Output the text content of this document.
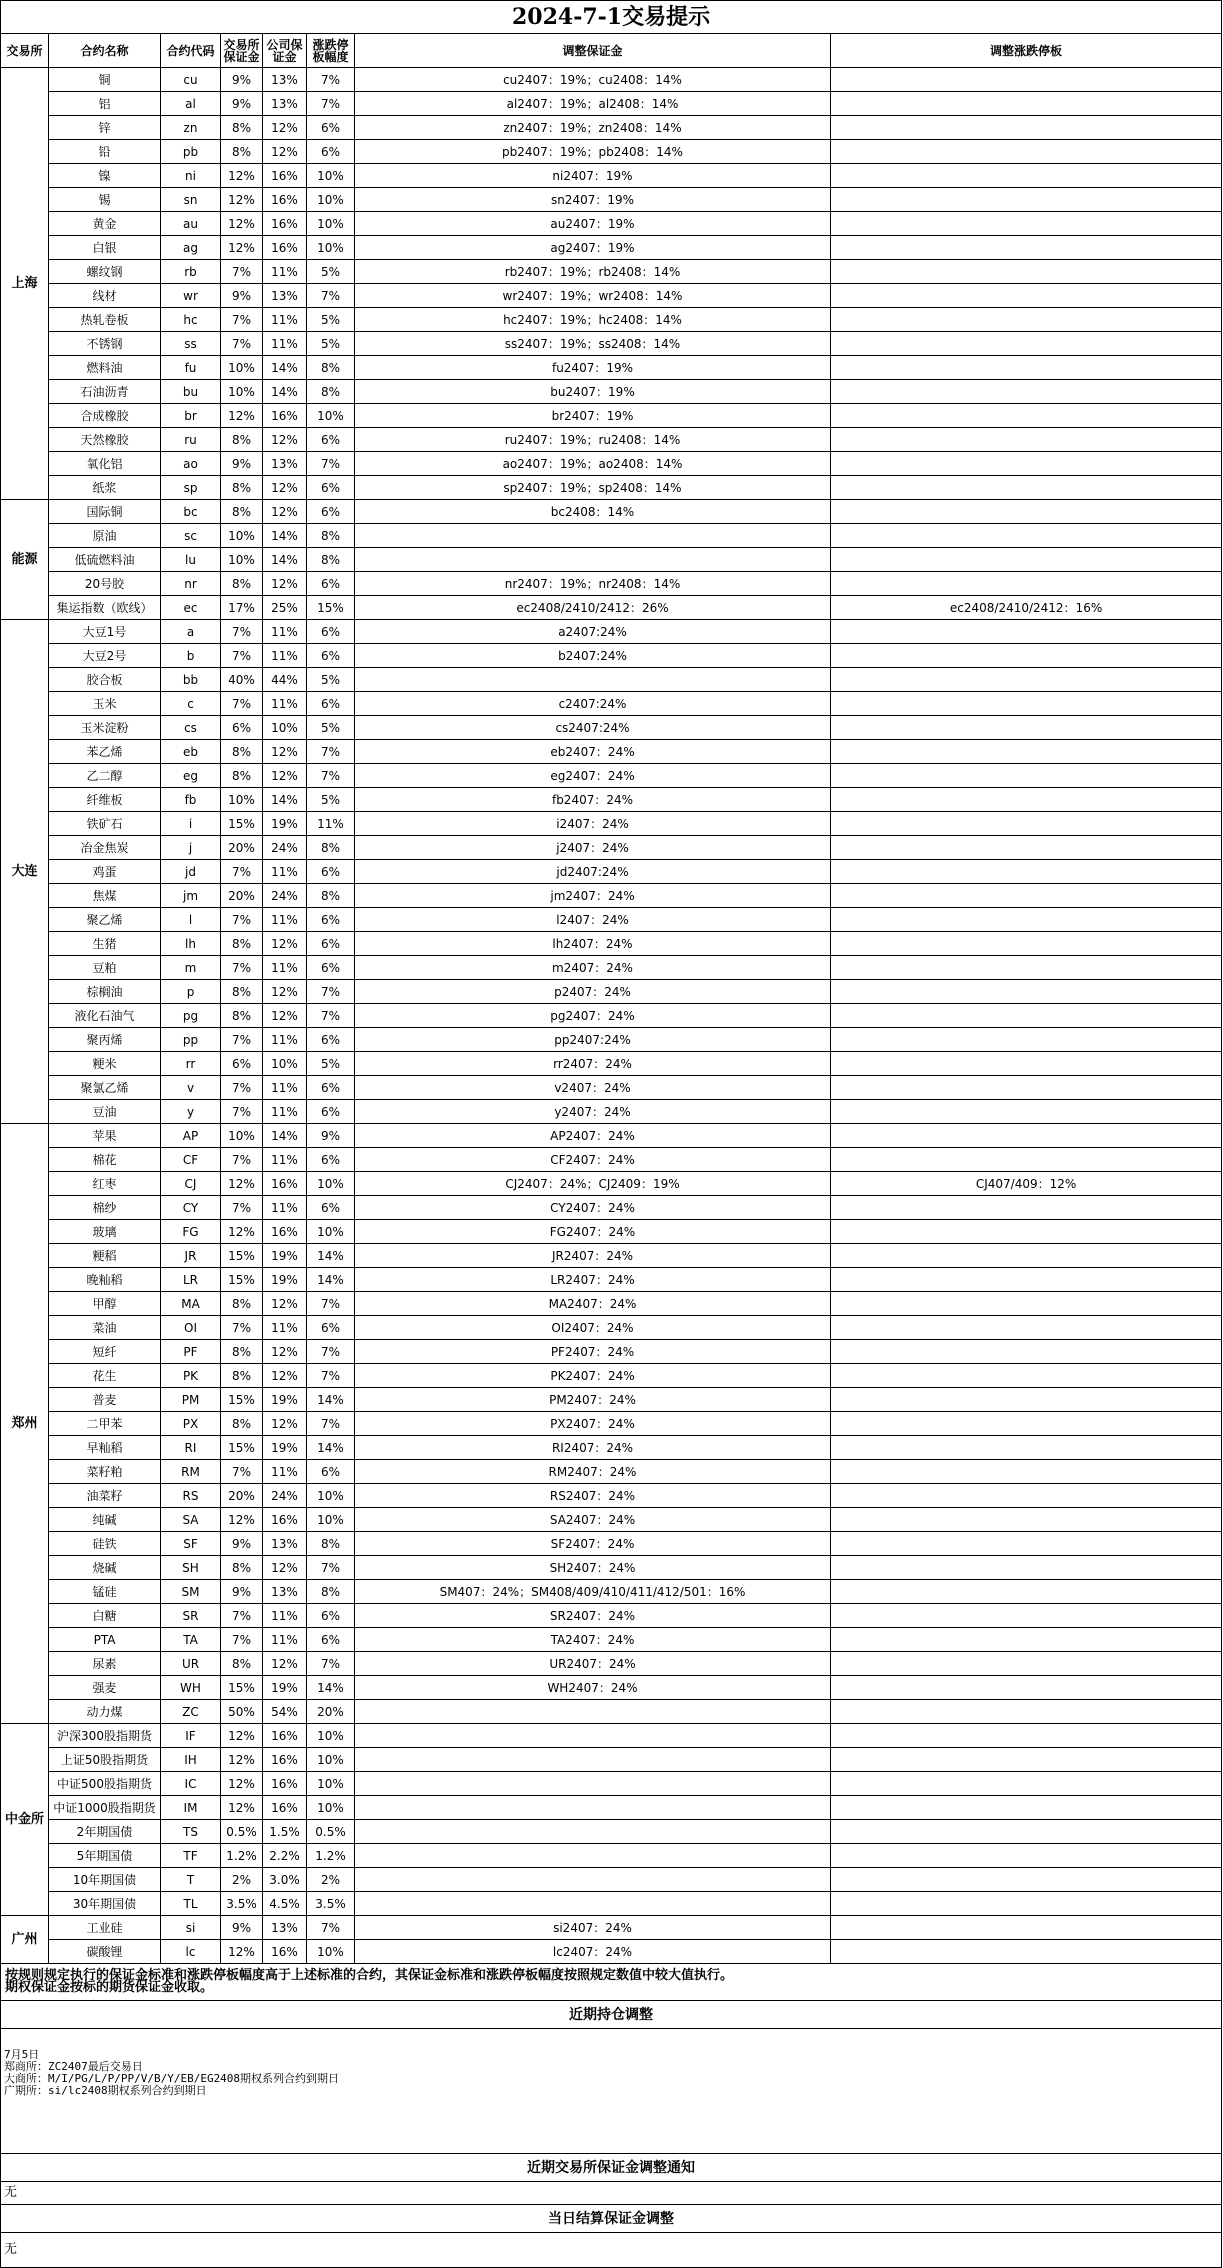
2024-7-1交易提示							
交易所	合约名称	合约代码	交易所保证金	公司保证金	涨跌停板幅度	调整保证金	调整涨跌停板
上海	铜	cu	9%	13%	7%	cu2407：19%；cu2408：14%	
	铝	al	9%	13%	7%	al2407：19%；al2408：14%	
	锌	zn	8%	12%	6%	zn2407：19%；zn2408：14%	
	铅	pb	8%	12%	6%	pb2407：19%；pb2408：14%	
	镍	ni	12%	16%	10%	ni2407：19%	
	锡	sn	12%	16%	10%	sn2407：19%	
	黄金	au	12%	16%	10%	au2407：19%	
	白银	ag	12%	16%	10%	ag2407：19%	
	螺纹钢	rb	7%	11%	5%	rb2407：19%；rb2408：14%	
	线材	wr	9%	13%	7%	wr2407：19%；wr2408：14%	
	热轧卷板	hc	7%	11%	5%	hc2407：19%；hc2408：14%	
	不锈钢	ss	7%	11%	5%	ss2407：19%；ss2408：14%	
	燃料油	fu	10%	14%	8%	fu2407：19%	
	石油沥青	bu	10%	14%	8%	bu2407：19%	
	合成橡胶	br	12%	16%	10%	br2407：19%	
	天然橡胶	ru	8%	12%	6%	ru2407：19%；ru2408：14%	
	氧化铝	ao	9%	13%	7%	ao2407：19%；ao2408：14%	
	纸浆	sp	8%	12%	6%	sp2407：19%；sp2408：14%	
能源	国际铜	bc	8%	12%	6%	bc2408：14%	
	原油	sc	10%	14%	8%		
	低硫燃料油	lu	10%	14%	8%		
	20号胶	nr	8%	12%	6%	nr2407：19%；nr2408：14%	
	集运指数（欧线）	ec	17%	25%	15%	ec2408/2410/2412：26%	ec2408/2410/2412：16%
大连	大豆1号	a	7%	11%	6%	a2407:24%	
	大豆2号	b	7%	11%	6%	b2407:24%	
	胶合板	bb	40%	44%	5%		
	玉米	c	7%	11%	6%	c2407:24%	
	玉米淀粉	cs	6%	10%	5%	cs2407:24%	
	苯乙烯	eb	8%	12%	7%	eb2407：24%	
	乙二醇	eg	8%	12%	7%	eg2407：24%	
	纤维板	fb	10%	14%	5%	fb2407：24%	
	铁矿石	i	15%	19%	11%	i2407：24%	
	冶金焦炭	j	20%	24%	8%	j2407：24%	
	鸡蛋	jd	7%	11%	6%	jd2407:24%	
	焦煤	jm	20%	24%	8%	jm2407：24%	
	聚乙烯	l	7%	11%	6%	l2407：24%	
	生猪	lh	8%	12%	6%	lh2407：24%	
	豆粕	m	7%	11%	6%	m2407：24%	
	棕榈油	p	8%	12%	7%	p2407：24%	
	液化石油气	pg	8%	12%	7%	pg2407：24%	
	聚丙烯	pp	7%	11%	6%	pp2407:24%	
	粳米	rr	6%	10%	5%	rr2407：24%	
	聚氯乙烯	v	7%	11%	6%	v2407：24%	
	豆油	y	7%	11%	6%	y2407：24%	
郑州	苹果	AP	10%	14%	9%	AP2407：24%	
	棉花	CF	7%	11%	6%	CF2407：24%	
	红枣	CJ	12%	16%	10%	CJ2407：24%；CJ2409：19%	CJ407/409：12%
	棉纱	CY	7%	11%	6%	CY2407：24%	
	玻璃	FG	12%	16%	10%	FG2407：24%	
	粳稻	JR	15%	19%	14%	JR2407：24%	
	晚籼稻	LR	15%	19%	14%	LR2407：24%	
	甲醇	MA	8%	12%	7%	MA2407：24%	
	菜油	OI	7%	11%	6%	OI2407：24%	
	短纤	PF	8%	12%	7%	PF2407：24%	
	花生	PK	8%	12%	7%	PK2407：24%	
	普麦	PM	15%	19%	14%	PM2407：24%	
	二甲苯	PX	8%	12%	7%	PX2407：24%	
	早籼稻	RI	15%	19%	14%	RI2407：24%	
	菜籽粕	RM	7%	11%	6%	RM2407：24%	
	油菜籽	RS	20%	24%	10%	RS2407：24%	
	纯碱	SA	12%	16%	10%	SA2407：24%	
	硅铁	SF	9%	13%	8%	SF2407：24%	
	烧碱	SH	8%	12%	7%	SH2407：24%	
	锰硅	SM	9%	13%	8%	SM407：24%；SM408/409/410/411/412/501：16%	
	白糖	SR	7%	11%	6%	SR2407：24%	
	PTA	TA	7%	11%	6%	TA2407：24%	
	尿素	UR	8%	12%	7%	UR2407：24%	
	强麦	WH	15%	19%	14%	WH2407：24%	
	动力煤	ZC	50%	54%	20%		
中金所	沪深300股指期货	IF	12%	16%	10%		
	上证50股指期货	IH	12%	16%	10%		
	中证500股指期货	IC	12%	16%	10%		
	中证1000股指期货	IM	12%	16%	10%		
	2年期国债	TS	0.5%	1.5%	0.5%		
	5年期国债	TF	1.2%	2.2%	1.2%		
	10年期国债	T	2%	3.0%	2%		
	30年期国债	TL	3.5%	4.5%	3.5%		
广州	工业硅	si	9%	13%	7%	si2407：24%	
	碳酸锂	lc	12%	16%	10%	lc2407：24%	

按规则规定执行的保证金标准和涨跌停板幅度高于上述标准的合约，其保证金标准和涨跌停板幅度按照规定数值中较大值执行。
期权保证金按标的期货保证金收取。							

近期持仓调整							

7月5日
郑商所：ZC2407最后交易日
大商所：M/I/PG/L/P/PP/V/B/Y/EB/EG2408期权系列合约到期日
广期所：si/lc2408期权系列合约到期日							

近期交易所保证金调整通知							
无							
当日结算保证金调整							
无							
